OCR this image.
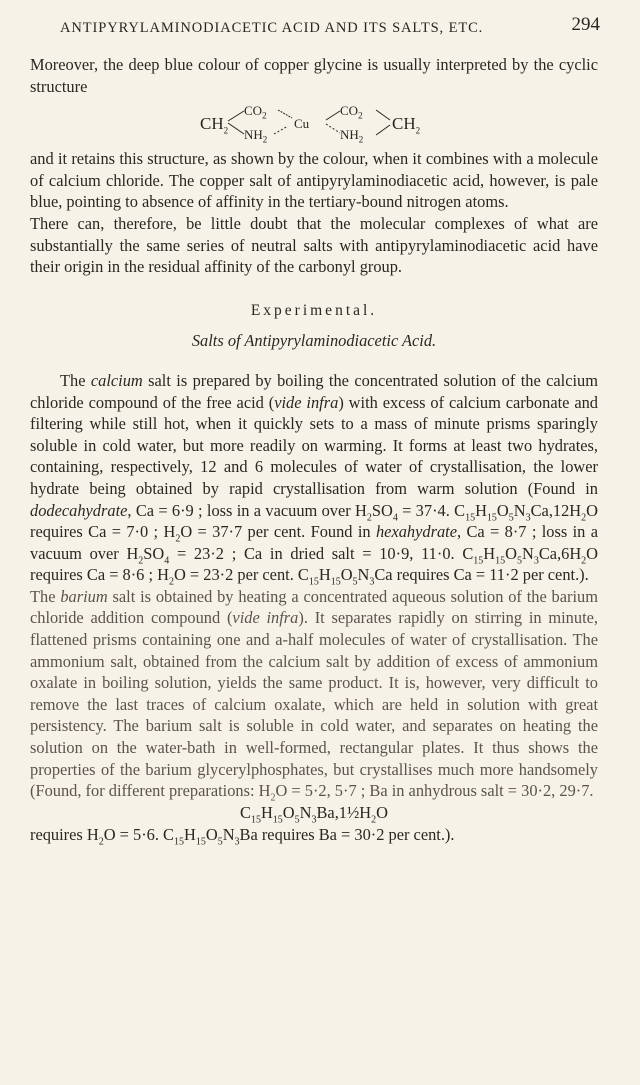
ANTIPYRYLAMINODIACETIC ACID AND ITS SALTS, ETC.	294

Moreover, the deep blue colour of copper glycine is usually interpreted by the cyclic structure

$CH_2$
$CO_2$
$NH_2$
Cu
$CO_2$
$NH_2$
$CH_2$

and it retains this structure, as shown by the colour, when it combines with a molecule of calcium chloride. The copper salt of antipyrylaminodiacetic acid, however, is pale blue, pointing to absence of affinity in the tertiary-bound nitrogen atoms.

There can, therefore, be little doubt that the molecular complexes of what are substantially the same series of neutral salts with antipyrylaminodiacetic acid have their origin in the residual affinity of the carbonyl group.

Experimental.
Salts of Antipyrylaminodiacetic Acid.

The calcium salt is prepared by boiling the concentrated solution of the calcium chloride compound of the free acid (vide infra) with excess of calcium carbonate and filtering while still hot, when it quickly sets to a mass of minute prisms sparingly soluble in cold water, but more readily on warming. It forms at least two hydrates, containing, respectively, 12 and 6 molecules of water of crystallisation, the lower hydrate being obtained by rapid crystallisation from warm solution (Found in dodecahydrate, Ca = 6·9 ; loss in a vacuum over $H_2SO_4 = 37\cdot 4$. $C_{15}H_{15}O_5N_3Ca,12H_2O$ requires Ca = 7·0 ; $H_2O = 37\cdot 7$ per cent. Found in hexahydrate, Ca = 8·7 ; loss in a vacuum over $H_2SO_4 = 23\cdot 2$ ; Ca in dried salt = 10·9, 11·0. $C_{15}H_{15}O_5N_3Ca,6H_2O$ requires Ca = 8·6 ; $H_2O = 23\cdot 2$ per cent. $C_{15}H_{15}O_5N_3Ca$ requires Ca = 11·2 per cent.).

The barium salt is obtained by heating a concentrated aqueous solution of the barium chloride addition compound (vide infra). It separates rapidly on stirring in minute, flattened prisms containing one and a-half molecules of water of crystallisation. The ammonium salt, obtained from the calcium salt by addition of excess of ammonium oxalate in boiling solution, yields the same product. It is, however, very difficult to remove the last traces of calcium oxalate, which are held in solution with great persistency. The barium salt is soluble in cold water, and separates on heating the solution on the water-bath in well-formed, rectangular plates. It thus shows the properties of the barium glycerylphosphates, but crystallises much more handsomely (Found, for different preparations: $H_2O = 5\cdot 2$, 5·7 ; Ba in anhydrous salt = 30·2, 29·7.

$C_{15}H_{15}O_5N_3Ba,1\frac{1}{2}H_2O$

requires $H_2O = 5\cdot 6$. $C_{15}H_{15}O_5N_3Ba$ requires Ba = 30·2 per cent.).
